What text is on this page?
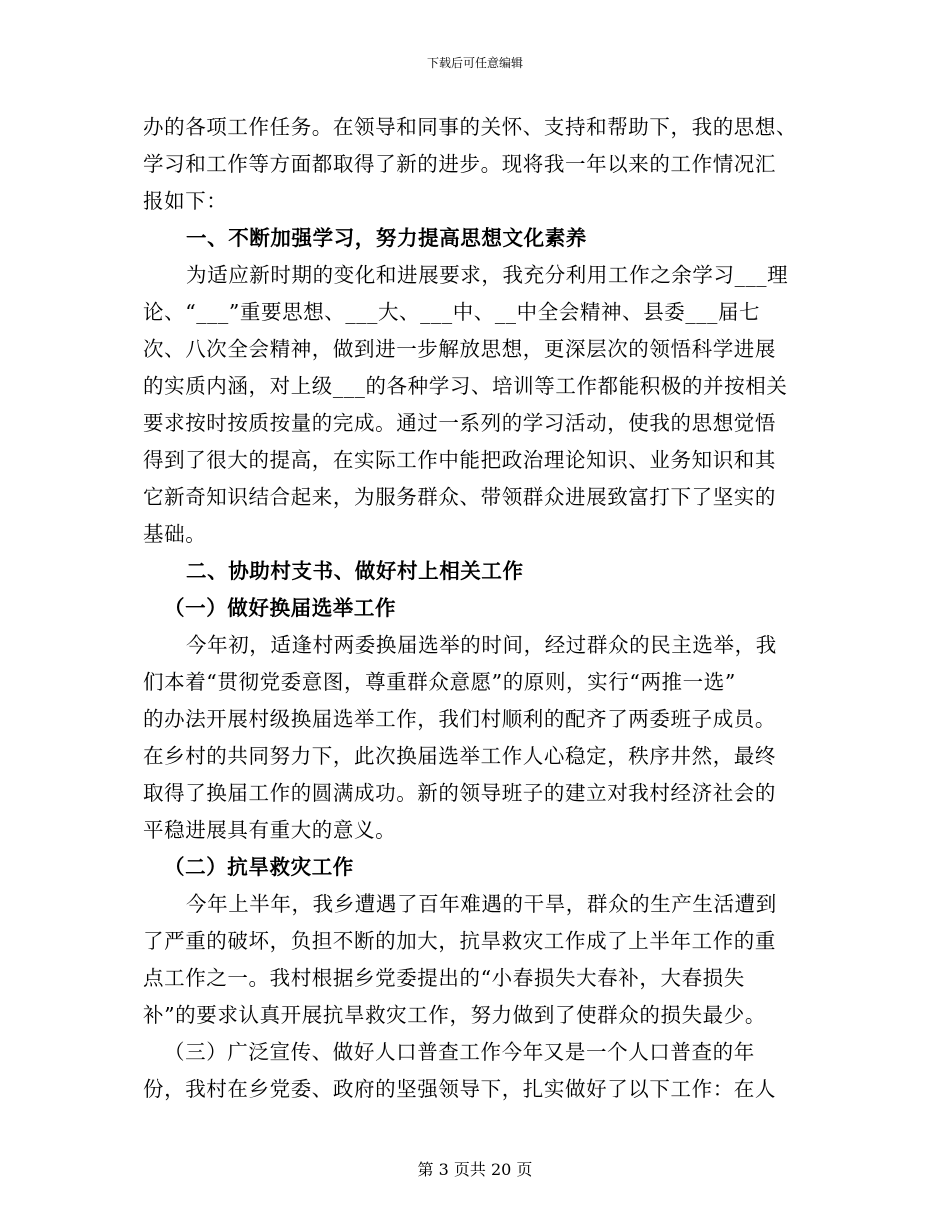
下载后可任意编辑
办的各项工作任务。在领导和同事的关怀、支持和帮助下，我的思想、
学习和工作等方面都取得了新的进步。现将我一年以来的工作情况汇
报如下：
一、不断加强学习，努力提高思想文化素养
为适应新时期的变化和进展要求，我充分利用工作之余学习___理
论、“___”重要思想、___大、___中、__中全会精神、县委___届七
次、八次全会精神，做到进一步解放思想，更深层次的领悟科学进展
的实质内涵，对上级___的各种学习、培训等工作都能积极的并按相关
要求按时按质按量的完成。通过一系列的学习活动，使我的思想觉悟
得到了很大的提高，在实际工作中能把政治理论知识、业务知识和其
它新奇知识结合起来，为服务群众、带领群众进展致富打下了坚实的
基础。
二、协助村支书、做好村上相关工作
（一）做好换届选举工作
今年初，适逢村两委换届选举的时间，经过群众的民主选举，我
们本着“贯彻党委意图，尊重群众意愿”的原则，实行“两推一选”
的办法开展村级换届选举工作，我们村顺利的配齐了两委班子成员。
在乡村的共同努力下，此次换届选举工作人心稳定，秩序井然，最终
取得了换届工作的圆满成功。新的领导班子的建立对我村经济社会的
平稳进展具有重大的意义。
（二）抗旱救灾工作
今年上半年，我乡遭遇了百年难遇的干旱，群众的生产生活遭到
了严重的破坏，负担不断的加大，抗旱救灾工作成了上半年工作的重
点工作之一。我村根据乡党委提出的“小春损失大春补，大春损失
补”的要求认真开展抗旱救灾工作，努力做到了使群众的损失最少。
（三）广泛宣传、做好人口普查工作今年又是一个人口普查的年
份，我村在乡党委、政府的坚强领导下，扎实做好了以下工作：在人
第 3 页共 20 页
